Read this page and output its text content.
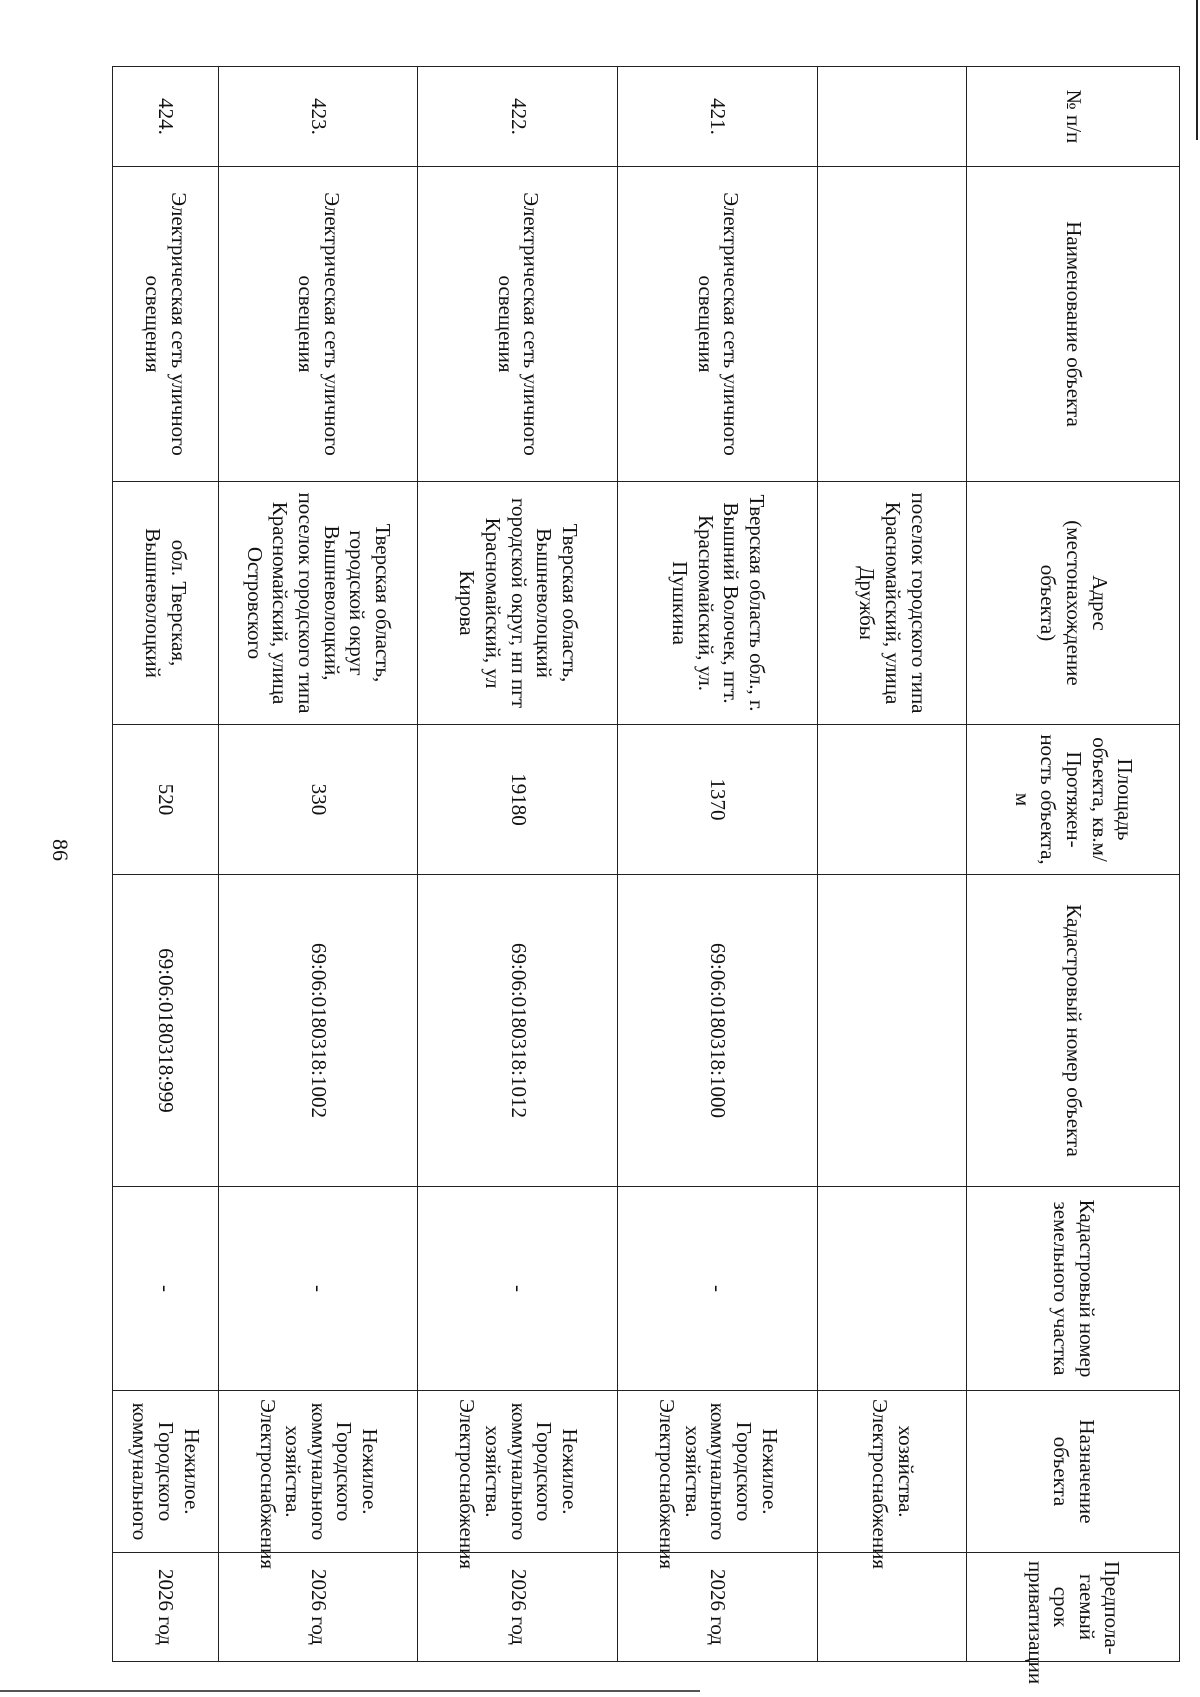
86
№ п/п	Наименование объекта	Адрес (местонахождение объекта)	Площадь объекта, кв.м/ Протяжен-ность объекта, м	Кадастровый номер объекта	Кадастровый номер земельного участка	Назначение объекта	Предпола-гаемый срок приватизации
		поселок городского типа Красномайский, улица Дружбы				хозяйства. Электроснабжения	
421.	Электрическая сеть уличного освещения	Тверская область обл., г. Вышний Волочек, пгт. Красномайский, ул. Пушкина	1370	69:06:0180318:1000	-	Нежилое. Городского коммунального хозяйства. Электроснабжения	2026 год
422.	Электрическая сеть уличного освещения	Тверская область, Вышневолоцкий городской округ, нп пгт Красномайский, ул Кирова	19180	69:06:0180318:1012	-	Нежилое. Городского коммунального хозяйства. Электроснабжения	2026 год
423.	Электрическая сеть уличного освещения	Тверская область, городской округ Вышневолоцкий, поселок городского типа Красномайский, улица Островского	330	69:06:0180318:1002	-	Нежилое. Городского коммунального хозяйства. Электроснабжения	2026 год
424.	Электрическая сеть уличного освещения	обл. Тверская, Вышневолоцкий	520	69:06:0180318:999	-	Нежилое. Городского коммунального	2026 год
